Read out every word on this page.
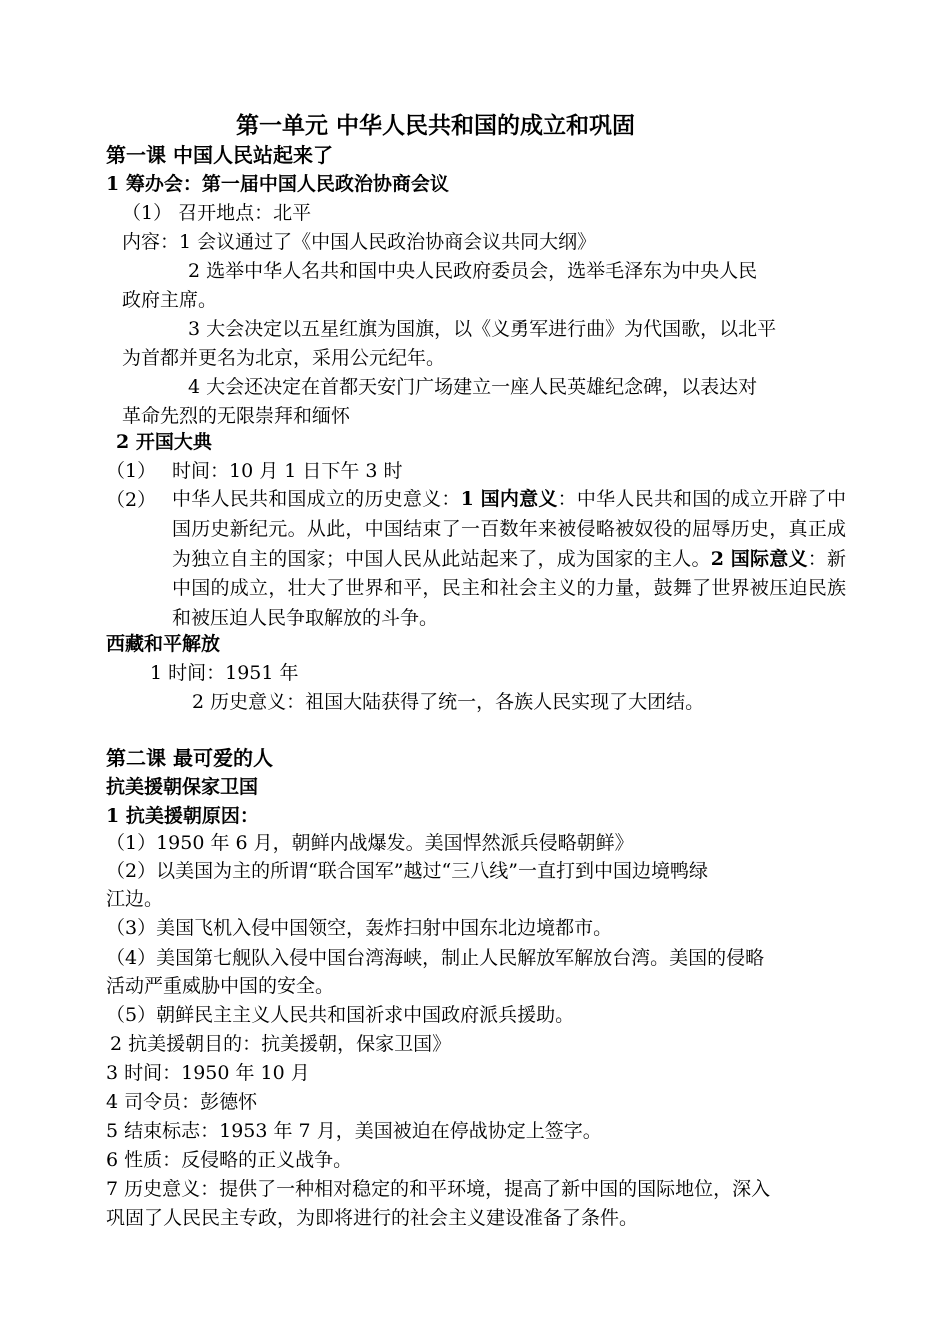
第一单元 中华人民共和国的成立和巩固
第一课 中国人民站起来了
1 筹办会：第一届中国人民政治协商会议
（1） 召开地点：北平
内容：1 会议通过了《中国人民政治协商会议共同大纲》
2 选举中华人名共和国中央人民政府委员会，选举毛泽东为中央人民
政府主席。
3 大会决定以五星红旗为国旗，以《义勇军进行曲》为代国歌，以北平
为首都并更名为北京，采用公元纪年。
4 大会还决定在首都天安门广场建立一座人民英雄纪念碑，以表达对
革命先烈的无限崇拜和缅怀
2 开国大典
（1） 时间：10 月 1 日下午 3 时
（2） 中华人民共和国成立的历史意义：1 国内意义：中华人民共和国的成立开辟了中国历史新纪元。从此，中国结束了一百数年来被侵略被奴役的屈辱历史，真正成为独立自主的国家；中国人民从此站起来了，成为国家的主人。2 国际意义：新中国的成立，壮大了世界和平，民主和社会主义的力量，鼓舞了世界被压迫民族和被压迫人民争取解放的斗争。
西藏和平解放
1 时间：1951 年
2 历史意义：祖国大陆获得了统一，各族人民实现了大团结。
第二课 最可爱的人
抗美援朝保家卫国
1 抗美援朝原因：
（1）1950 年 6 月，朝鲜内战爆发。美国悍然派兵侵略朝鲜》
（2）以美国为主的所谓“联合国军”越过“三八线”一直打到中国边境鸭绿
江边。
（3）美国飞机入侵中国领空，轰炸扫射中国东北边境都市。
（4）美国第七舰队入侵中国台湾海峡，制止人民解放军解放台湾。美国的侵略
活动严重威胁中国的安全。
（5）朝鲜民主主义人民共和国祈求中国政府派兵援助。
2 抗美援朝目的：抗美援朝，保家卫国》
3 时间：1950 年 10 月
4 司令员：彭德怀
5 结束标志：1953 年 7 月，美国被迫在停战协定上签字。
6 性质：反侵略的正义战争。
7 历史意义：提供了一种相对稳定的和平环境，提高了新中国的国际地位，深入
巩固了人民民主专政，为即将进行的社会主义建设准备了条件。
